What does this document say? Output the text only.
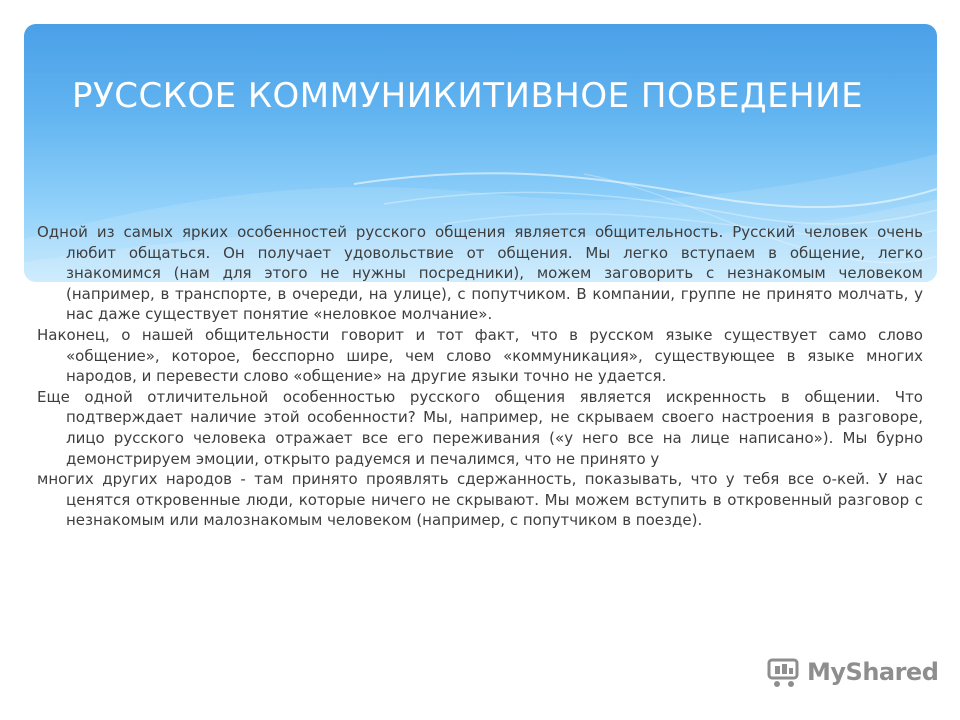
РУССКОЕ КОММУНИКИТИВНОЕ ПОВЕДЕНИЕ

Одной из самых ярких особенностей русского общения является общительность. Русский человек очень любит общаться. Он получает удовольствие от общения. Мы легко вступаем в общение, легко знакомимся (нам для этого не нужны посредники), можем заговорить с незнакомым человеком (например, в транспорте, в очереди, на улице), с попутчиком. В компании, группе не принято молчать, у нас даже существует понятие «неловкое молчание».

Наконец, о нашей общительности говорит и тот факт, что в русском языке существует само слово «общение», которое, бесспорно шире, чем слово «коммуникация», существующее в языке многих народов, и перевести слово «общение» на другие языки точно не удается.

Еще одной отличительной особенностью русского общения является искренность в общении. Что подтверждает наличие этой особенности? Мы, например, не скрываем своего настроения в разговоре, лицо русского человека отражает все его переживания («у него все на лице написано»). Мы бурно демонстрируем эмоции, открыто радуемся и печалимся, что не принято у

многих других народов - там принято проявлять сдержанность, показывать, что у тебя все о-кей. У нас ценятся откровенные люди, которые ничего не скрывают. Мы можем вступить в откровенный разговор с незнакомым или малознакомым человеком (например, с попутчиком в поезде).

MyShared
